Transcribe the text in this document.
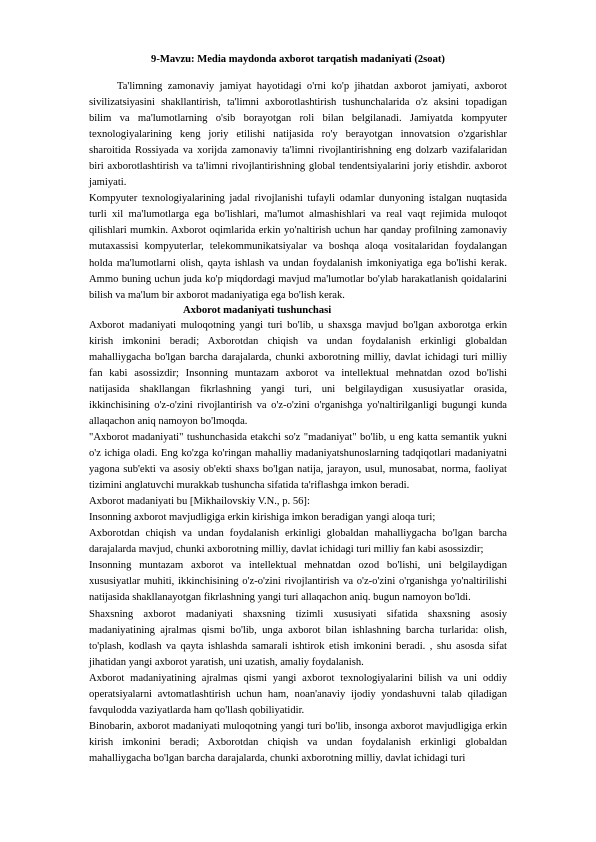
9-Mavzu: Media maydonda axborot tarqatish madaniyati (2soat)

Ta'limning zamonaviy jamiyat hayotidagi o'rni ko'p jihatdan axborot jamiyati, axborot sivilizatsiyasini shakllantirish, ta'limni axborotlashtirish tushunchalarida o'z aksini topadigan bilim va ma'lumotlarning o'sib borayotgan roli bilan belgilanadi. Jamiyatda kompyuter texnologiyalarining keng joriy etilishi natijasida ro'y berayotgan innovatsion o'zgarishlar sharoitida Rossiyada va xorijda zamonaviy ta'limni rivojlantirishning eng dolzarb vazifalaridan biri axborotlashtirish va ta'limni rivojlantirishning global tendentsiyalarini joriy etishdir. axborot jamiyati.

Kompyuter texnologiyalarining jadal rivojlanishi tufayli odamlar dunyoning istalgan nuqtasida turli xil ma'lumotlarga ega bo'lishlari, ma'lumot almashishlari va real vaqt rejimida muloqot qilishlari mumkin. Axborot oqimlarida erkin yo'naltirish uchun har qanday profilning zamonaviy mutaxassisi kompyuterlar, telekommunikatsiyalar va boshqa aloqa vositalaridan foydalangan holda ma'lumotlarni olish, qayta ishlash va undan foydalanish imkoniyatiga ega bo'lishi kerak. Ammo buning uchun juda ko'p miqdordagi mavjud ma'lumotlar bo'ylab harakatlanish qoidalarini bilish va ma'lum bir axborot madaniyatiga ega bo'lish kerak.

Axborot madaniyati tushunchasi

Axborot madaniyati muloqotning yangi turi bo'lib, u shaxsga mavjud bo'lgan axborotga erkin kirish imkonini beradi; Axborotdan chiqish va undan foydalanish erkinligi globaldan mahalliygacha bo'lgan barcha darajalarda, chunki axborotning milliy, davlat ichidagi turi milliy fan kabi asossizdir; Insonning muntazam axborot va intellektual mehnatdan ozod bo'lishi natijasida shakllangan fikrlashning yangi turi, uni belgilaydigan xususiyatlar orasida, ikkinchisining o'z-o'zini rivojlantirish va o'z-o'zini o'rganishga yo'naltirilganligi bugungi kunda allaqachon aniq namoyon bo'lmoqda.

"Axborot madaniyati" tushunchasida etakchi so'z "madaniyat" bo'lib, u eng katta semantik yukni o'z ichiga oladi. Eng ko'zga ko'ringan mahalliy madaniyatshunoslarning tadqiqotlari madaniyatni yagona sub'ekti va asosiy ob'ekti shaxs bo'lgan natija, jarayon, usul, munosabat, norma, faoliyat tizimini anglatuvchi murakkab tushuncha sifatida ta'riflashga imkon beradi.

Axborot madaniyati bu [Mikhailovskiy V.N., p. 56]:

Insonning axborot mavjudligiga erkin kirishiga imkon beradigan yangi aloqa turi;

Axborotdan chiqish va undan foydalanish erkinligi globaldan mahalliygacha bo'lgan barcha darajalarda mavjud, chunki axborotning milliy, davlat ichidagi turi milliy fan kabi asossizdir;

Insonning muntazam axborot va intellektual mehnatdan ozod bo'lishi, uni belgilaydigan xususiyatlar muhiti, ikkinchisining o'z-o'zini rivojlantirish va o'z-o'zini o'rganishga yo'naltirilishi natijasida shakllanayotgan fikrlashning yangi turi allaqachon aniq. bugun namoyon bo'ldi.

Shaxsning axborot madaniyati shaxsning tizimli xususiyati sifatida shaxsning asosiy madaniyatining ajralmas qismi bo'lib, unga axborot bilan ishlashning barcha turlarida: olish, to'plash, kodlash va qayta ishlashda samarali ishtirok etish imkonini beradi. , shu asosda sifat jihatidan yangi axborot yaratish, uni uzatish, amaliy foydalanish.

Axborot madaniyatining ajralmas qismi yangi axborot texnologiyalarini bilish va uni oddiy operatsiyalarni avtomatlashtirish uchun ham, noan'anaviy ijodiy yondashuvni talab qiladigan favqulodda vaziyatlarda ham qo'llash qobiliyatidir.

Binobarin, axborot madaniyati muloqotning yangi turi bo'lib, insonga axborot mavjudligiga erkin kirish imkonini beradi; Axborotdan chiqish va undan foydalanish erkinligi globaldan mahalliygacha bo'lgan barcha darajalarda, chunki axborotning milliy, davlat ichidagi turi
